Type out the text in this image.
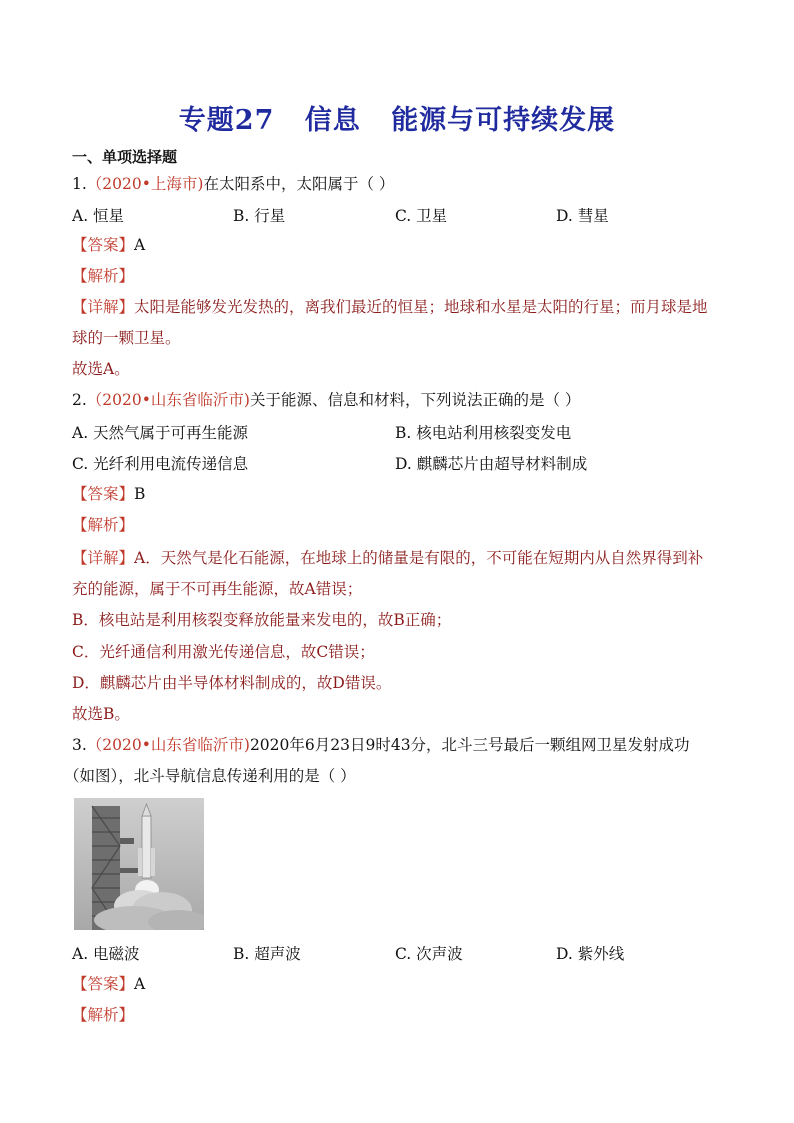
专题27 信息 能源与可持续发展
一、单项选择题
1.（2020•上海市)在太阳系中，太阳属于（ ）
A. 恒星	B. 行星	C. 卫星	D. 彗星
【答案】A
【解析】
【详解】太阳是能够发光发热的，离我们最近的恒星；地球和水星是太阳的行星；而月球是地
球的一颗卫星。
故选A。
2.（2020•山东省临沂市)关于能源、信息和材料，下列说法正确的是（ ）
A. 天然气属于可再生能源	B. 核电站利用核裂变发电
C. 光纤利用电流传递信息	D. 麒麟芯片由超导材料制成
【答案】B
【解析】
【详解】A．天然气是化石能源，在地球上的储量是有限的，不可能在短期内从自然界得到补
充的能源，属于不可再生能源，故A错误；
B．核电站是利用核裂变释放能量来发电的，故B正确；
C．光纤通信利用激光传递信息，故C错误；
D．麒麟芯片由半导体材料制成的，故D错误。
故选B。
3.（2020•山东省临沂市)2020年6月23日9时43分，北斗三号最后一颗组网卫星发射成功
（如图），北斗导航信息传递利用的是（ ）
A. 电磁波	B. 超声波	C. 次声波	D. 紫外线
【答案】A
【解析】
